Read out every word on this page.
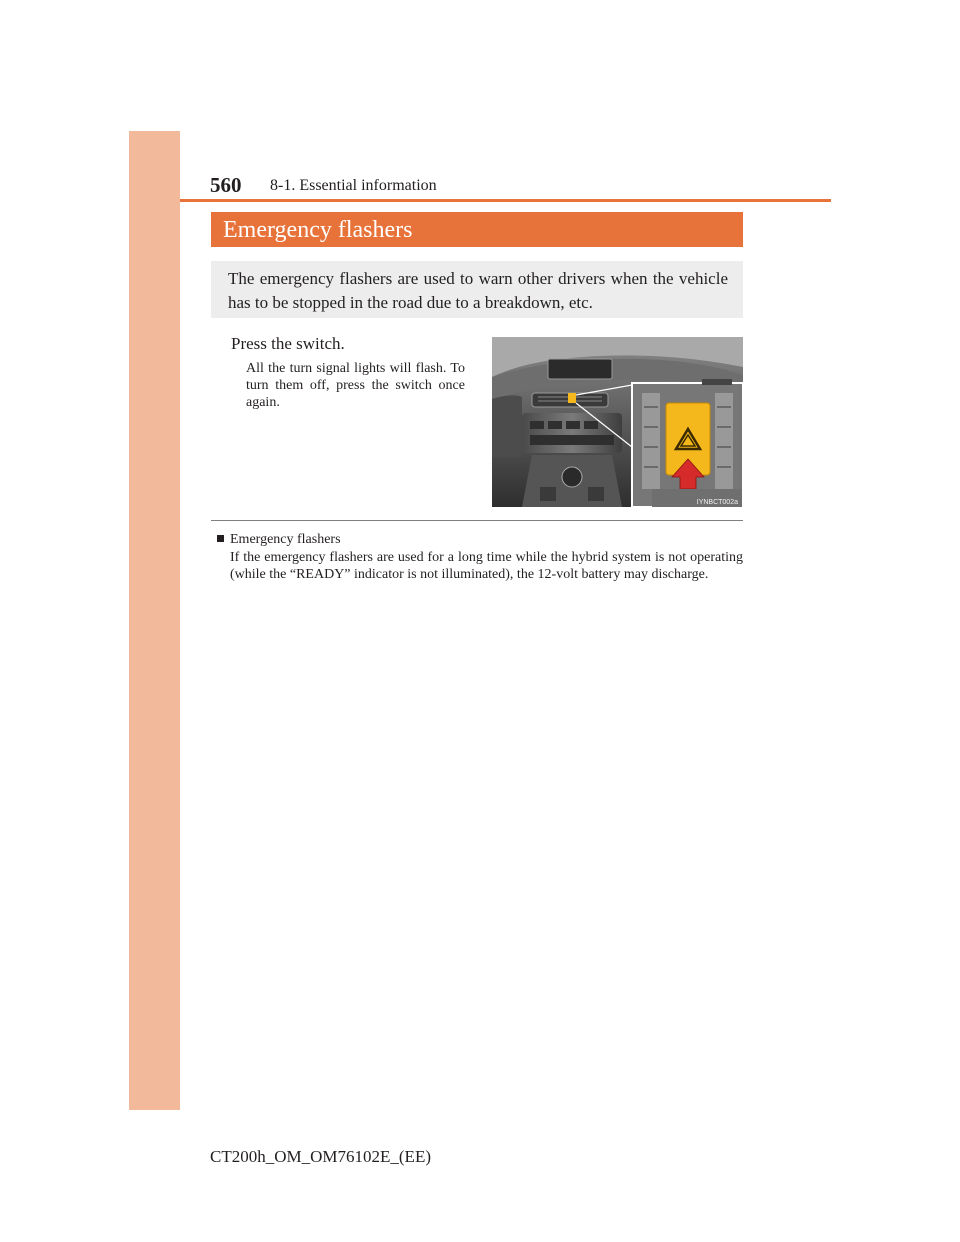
560 8-1. Essential information
Emergency flashers

The emergency flashers are used to warn other drivers when the vehicle has to be stopped in the road due to a breakdown, etc.

Press the switch.

All the turn signal lights will flash. To turn them off, press the switch once again.

IYNBCT002a
Emergency flashers

If the emergency flashers are used for a long time while the hybrid system is not operating (while the “READY” indicator is not illuminated), the 12-volt battery may discharge.

CT200h_OM_OM76102E_(EE)
